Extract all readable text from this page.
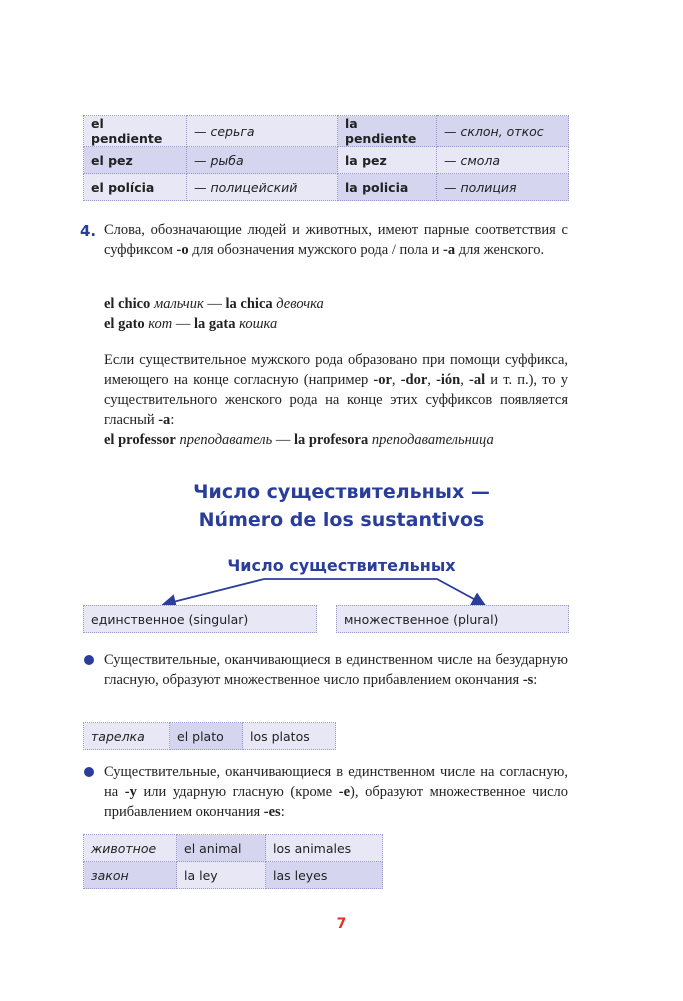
el pendiente	— серьга	la pendiente	— склон, откос
el pez	— рыба	la pez	— смола
el polícia	— полицейский	la policia	— полиция
4. Слова, обозначающие людей и животных, имеют парные соответствия с суффиксом -o для обозначения мужского рода / пола и -a для женского.
el chico мальчик — la chica девочка
el gato кот — la gata кошка
Если существительное мужского рода образовано при помощи суффикса, имеющего на конце согласную (например -or, -dor, -ión, -al и т. п.), то у существительного женского рода на конце этих суффиксов появляется гласный -a:
el professor преподаватель — la profesora преподавательница
Число существительных —
Número de los sustantivos
Число существительных
единственное (singular)	множественное (plural)
Существительные, оканчивающиеся в единственном числе на безударную гласную, образуют множественное число прибавлением окончания -s:
тарелка	el plato	los platos
Существительные, оканчивающиеся в единственном числе на согласную, на -y или ударную гласную (кроме -e), образуют множественное число прибавлением окончания -es:
животное	el animal	los animales
закон	la ley	las leyes
7
